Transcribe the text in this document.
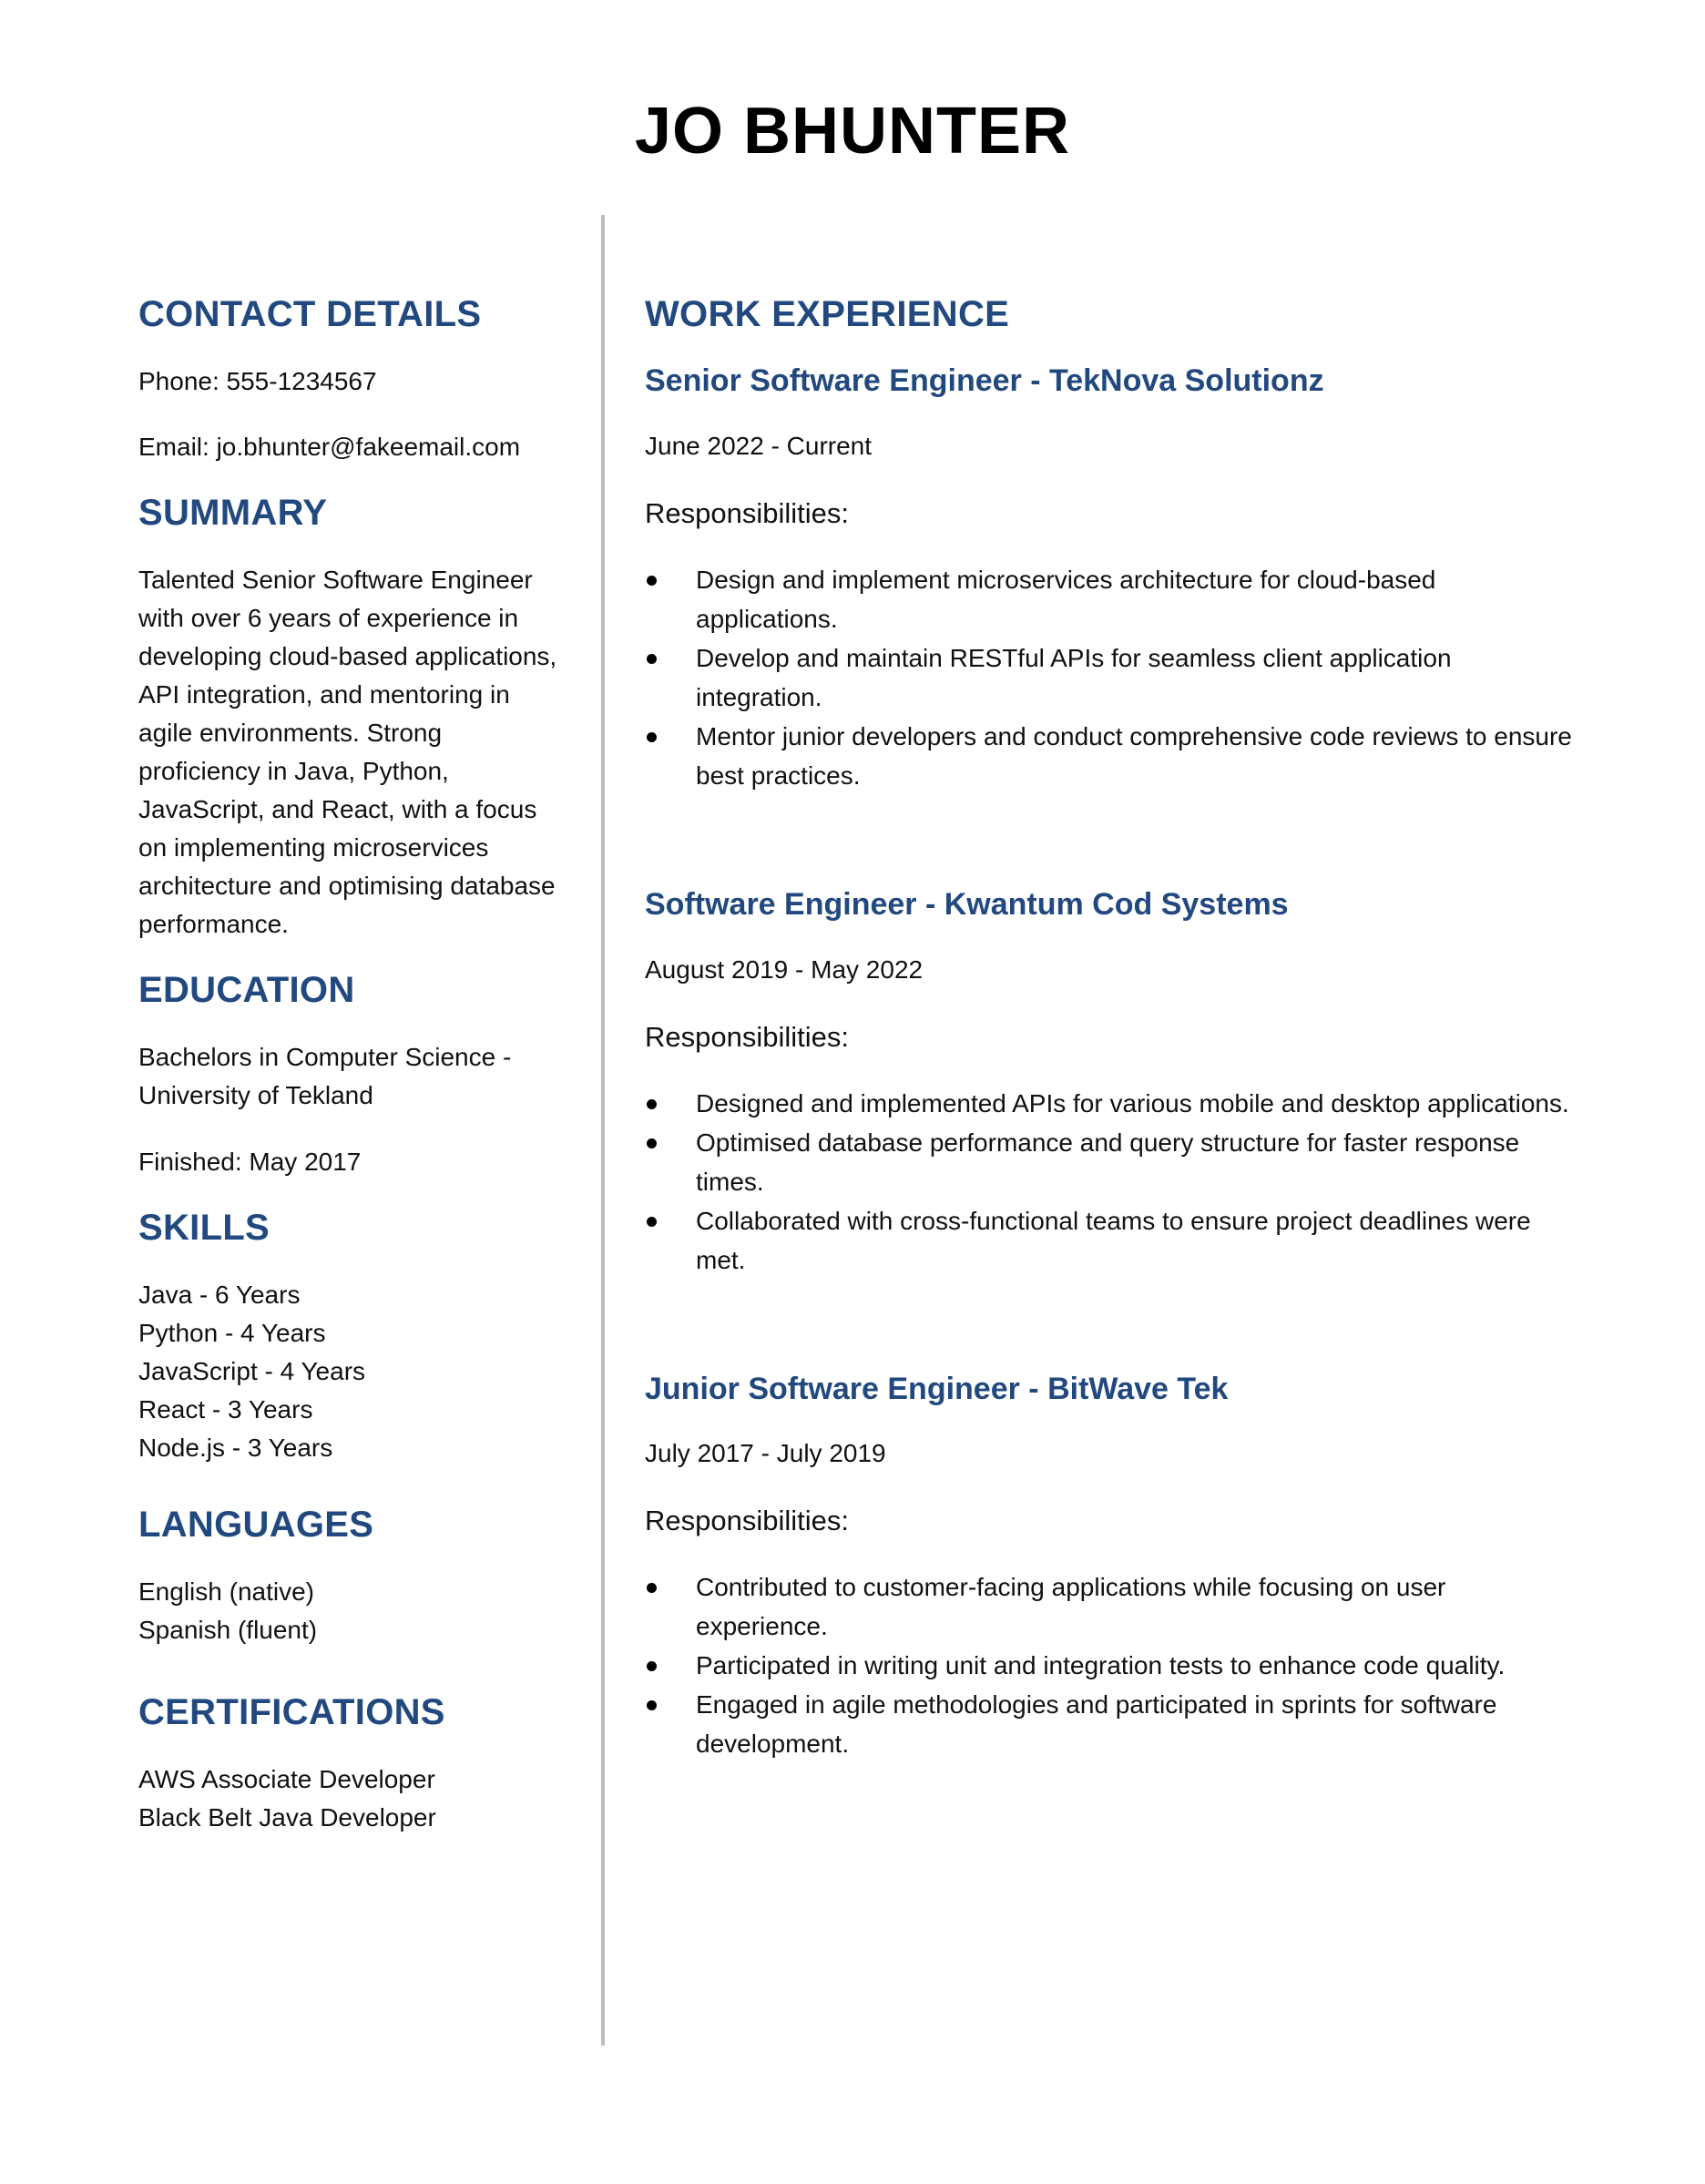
JO BHUNTER
CONTACT DETAILS

Phone: 555-1234567

Email: jo.bhunter@fakeemail.com

SUMMARY

Talented Senior Software Engineer with over 6 years of experience in developing cloud-based applications, API integration, and mentoring in agile environments. Strong proficiency in Java, Python, JavaScript, and React, with a focus on implementing microservices architecture and optimising database performance.

EDUCATION

Bachelors in Computer Science - University of Tekland

Finished: May 2017

SKILLS
Java - 6 Years
Python - 4 Years
JavaScript - 4 Years
React - 3 Years
Node.js - 3 Years
LANGUAGES
English (native)
Spanish (fluent)
CERTIFICATIONS
AWS Associate Developer
Black Belt Java Developer
WORK EXPERIENCE
Senior Software Engineer - TekNova Solutionz

June 2022 - Current

Responsibilities:

Design and implement microservices architecture for cloud-based applications.
Develop and maintain RESTful APIs for seamless client application integration.
Mentor junior developers and conduct comprehensive code reviews to ensure best practices.
Software Engineer - Kwantum Cod Systems

August 2019 - May 2022

Responsibilities:

Designed and implemented APIs for various mobile and desktop applications.
Optimised database performance and query structure for faster response times.
Collaborated with cross-functional teams to ensure project deadlines were met.
Junior Software Engineer - BitWave Tek

July 2017 - July 2019

Responsibilities:

Contributed to customer-facing applications while focusing on user experience.
Participated in writing unit and integration tests to enhance code quality.
Engaged in agile methodologies and participated in sprints for software development.
